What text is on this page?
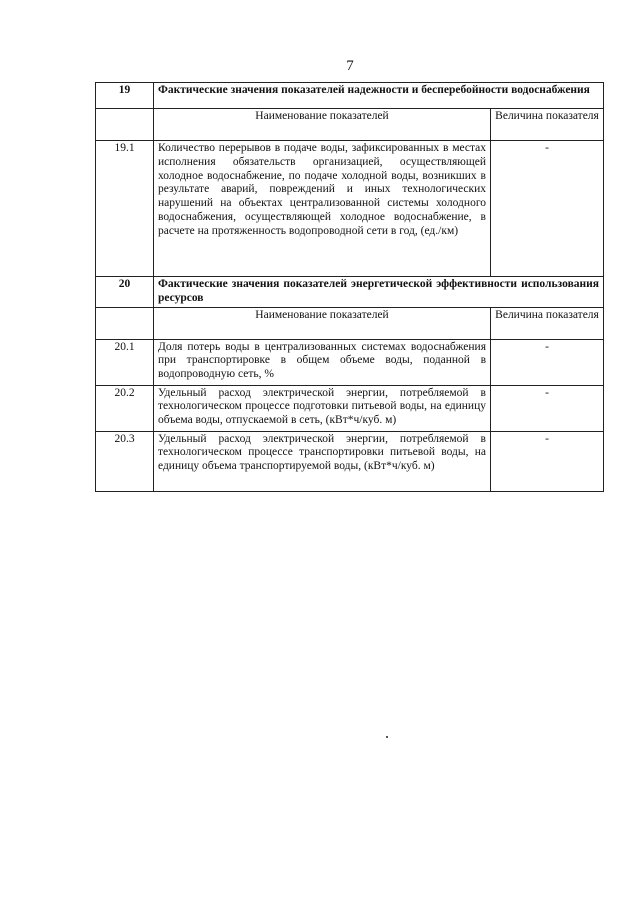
7
19	Фактические значения показателей надежности и бесперебойности водоснабжения	
	Наименование показателей	Величина показателя
19.1	Количество перерывов в подаче воды, зафиксированных в местах исполнения обязательств организацией, осуществляющей холодное водоснабжение, по подаче холодной воды, возникших в результате аварий, повреждений и иных технологических нарушений на объектах централизованной системы холодного водоснабжения, осуществляющей холодное водоснабжение, в расчете на протяженность водопроводной сети в год, (ед./км)	-
20	Фактические значения показателей энергетической эффективности использования ресурсов	
	Наименование показателей	Величина показателя
20.1	Доля потерь воды в централизованных системах водоснабжения при транспортировке в общем объеме воды, поданной в водопроводную сеть, %	-
20.2	Удельный расход электрической энергии, потребляемой в технологическом процессе подготовки питьевой воды, на единицу объема воды, отпускаемой в сеть, (кВт*ч/куб. м)	-
20.3	Удельный расход электрической энергии, потребляемой в технологическом процессе транспортировки питьевой воды, на единицу объема транспортируемой воды, (кВт*ч/куб. м)	-
